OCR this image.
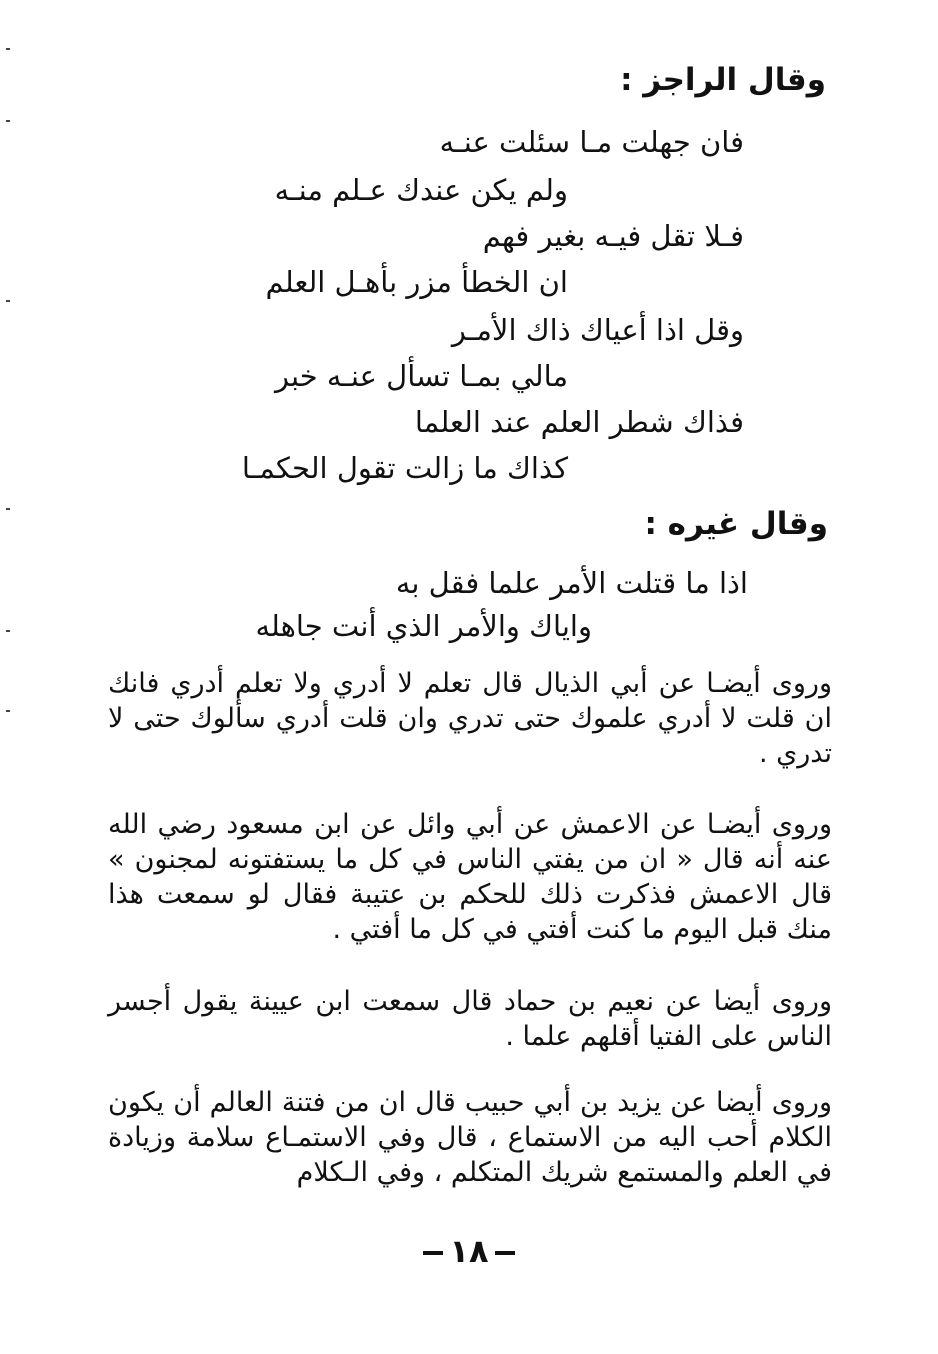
وقال الراجز :
فان جهلت مـا سئلت عنـه
ولم يكن عندك عـلم منـه
فـلا تقل فيـه بغير فهم
ان الخطأ مزر بأهـل العلم
وقل اذا أعياك ذاك الأمـر
مالي بمـا تسأل عنـه خبر
فذاك شطر العلم عند العلما
كذاك ما زالت تقول الحكمـا
وقال غيره :
اذا ما قتلت الأمر علما فقل به
واياك والأمر الذي أنت جاهله
وروى أيضـا عن أبي الذيال قال تعلم لا أدري ولا تعلم أدري فانك ان قلت لا أدري علموك حتى تدري وان قلت أدري سألوك حتى لا تدري .
وروى أيضـا عن الاعمش عن أبي وائل عن ابن مسعود رضي الله عنه أنه قال « ان من يفتي الناس في كل ما يستفتونه لمجنون » قال الاعمش فذكرت ذلك للحكم بن عتيبة فقال لو سمعت هذا منك قبل اليوم ما كنت أفتي في كل ما أفتي .
وروى أيضا عن نعيم بن حماد قال سمعت ابن عيينة يقول أجسر الناس على الفتيا أقلهم علما .
وروى أيضا عن يزيد بن أبي حبيب قال ان من فتنة العالم أن يكون الكلام أحب اليه من الاستماع ، قال وفي الاستمـاع سلامة وزيادة في العلم والمستمع شريك المتكلم ، وفي الـكلام
١٨
